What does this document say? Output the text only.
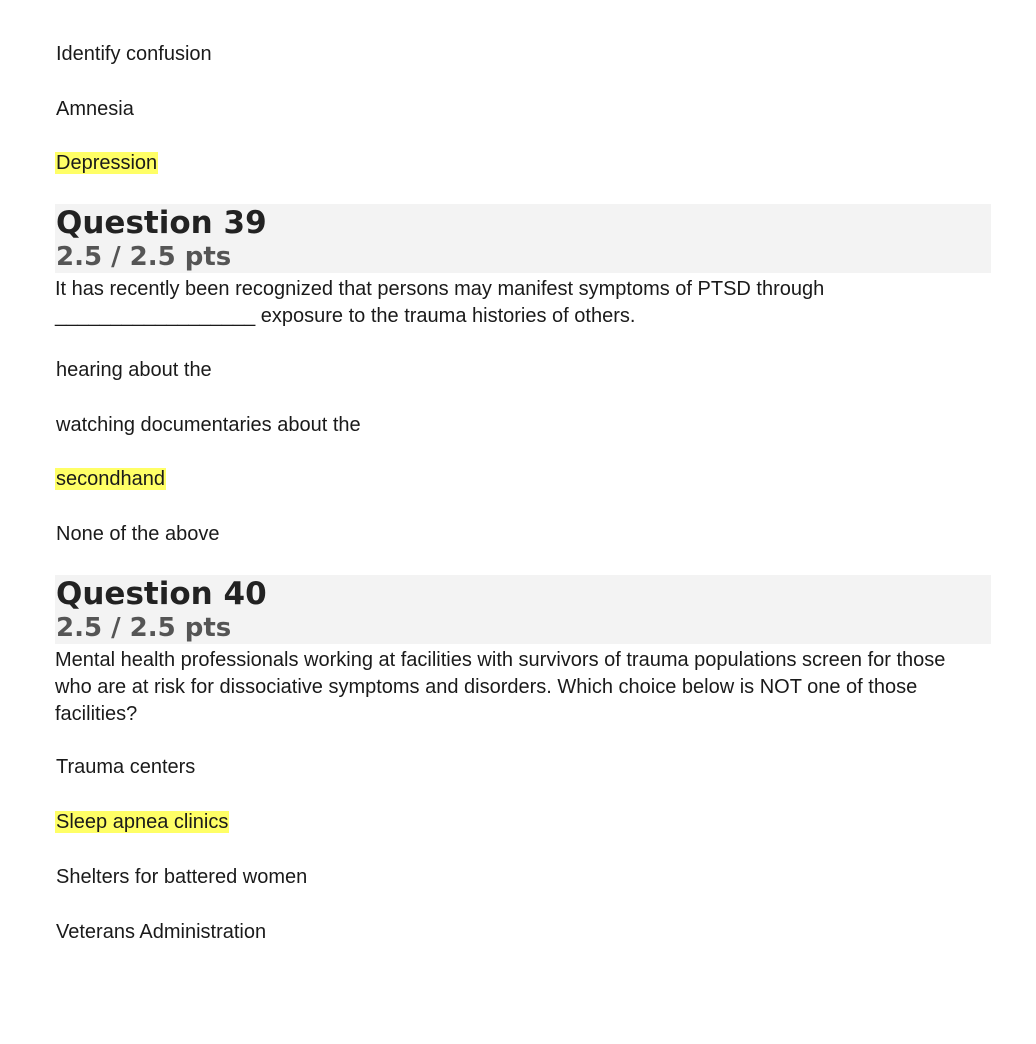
Identify confusion
Amnesia
Depression
Question 39
2.5 / 2.5 pts
It has recently been recognized that persons may manifest symptoms of PTSD through
__________________ exposure to the trauma histories of others.
hearing about the
watching documentaries about the
secondhand
None of the above
Question 40
2.5 / 2.5 pts
Mental health professionals working at facilities with survivors of trauma populations screen for those
who are at risk for dissociative symptoms and disorders. Which choice below is NOT one of those
facilities?
Trauma centers
Sleep apnea clinics
Shelters for battered women
Veterans Administration
